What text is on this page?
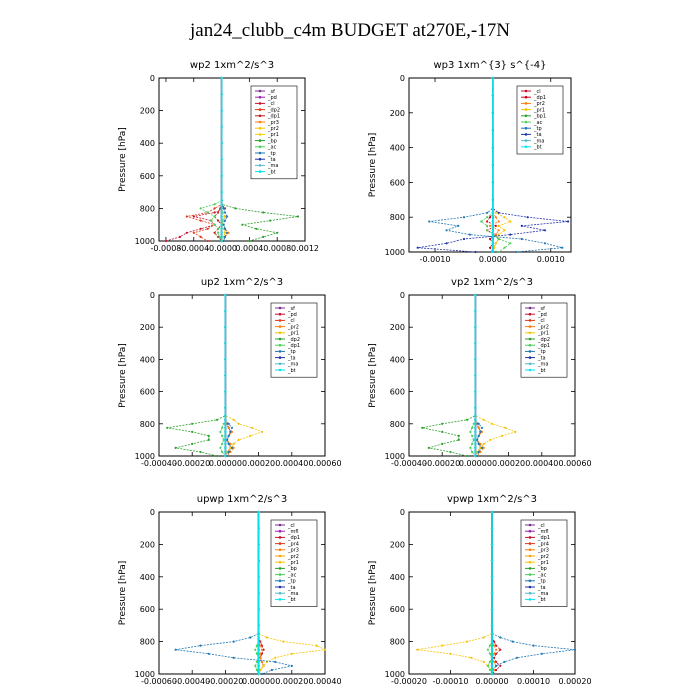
jan24_clubb_c4m BUDGET at270E,-17N
wp2 1xm^2/s^3
Pressure [hPa]
0
200
400
600
800
1000
-0.0008
-0.0004
-0.0000
0.0004 0.0008 0.0012
_sf
_pd
_cl
_dp2
_dp1
_pr3
_pr2
_pr1
_bp
_ac
_tp
_ta
_ma
_bt
wp3 1xm^{3} s^{-4}
Pressure [hPa]
0
200
400
600
800
1000
-0.0010	0.0000	0.0010
_cl
_dp1
_pr2
_pr1
_bp1
_ac
_tp
_ta
_ma
_bt
up2 1xm^2/s^3
Pressure [hPa]
0
200
400
600
800
1000
-0.00040
-0.00020
0.00000 0.00020 0.00040 0.00060
_sf
_pd
_cl
_pr2
_pr1
_dp2
_dp1
_tp
_ta
_ma
_bt
vp2 1xm^2/s^3
Pressure [hPa]
0
200
400
600
800
1000
-0.00040
-0.00020
0.00000 0.00020 0.00040 0.00060
_sf
_pd
_cl
_pr2
_pr1
_dp2
_dp1
_tp
_ta
_ma
_bt
upwp 1xm^2/s^3
Pressure [hPa]
0
200
400
600
800
1000
-0.00060
-0.00040
-0.00020
0.00000 0.00020 0.00040
_cl
_mfl
_dp1
_pr4
_pr3
_pr2
_pr1
_bp
_ac
_tp
_ta
_ma
_bt
vpwp 1xm^2/s^3
Pressure [hPa]
0
200
400
600
800
1000
-0.00020 -0.00010 0.00000 0.00010 0.00020
_cl
_mfl
_dp1
_pr4
_pr3
_pr2
_pr1
_bp
_ac
_tp
_ta
_ma
_bt
